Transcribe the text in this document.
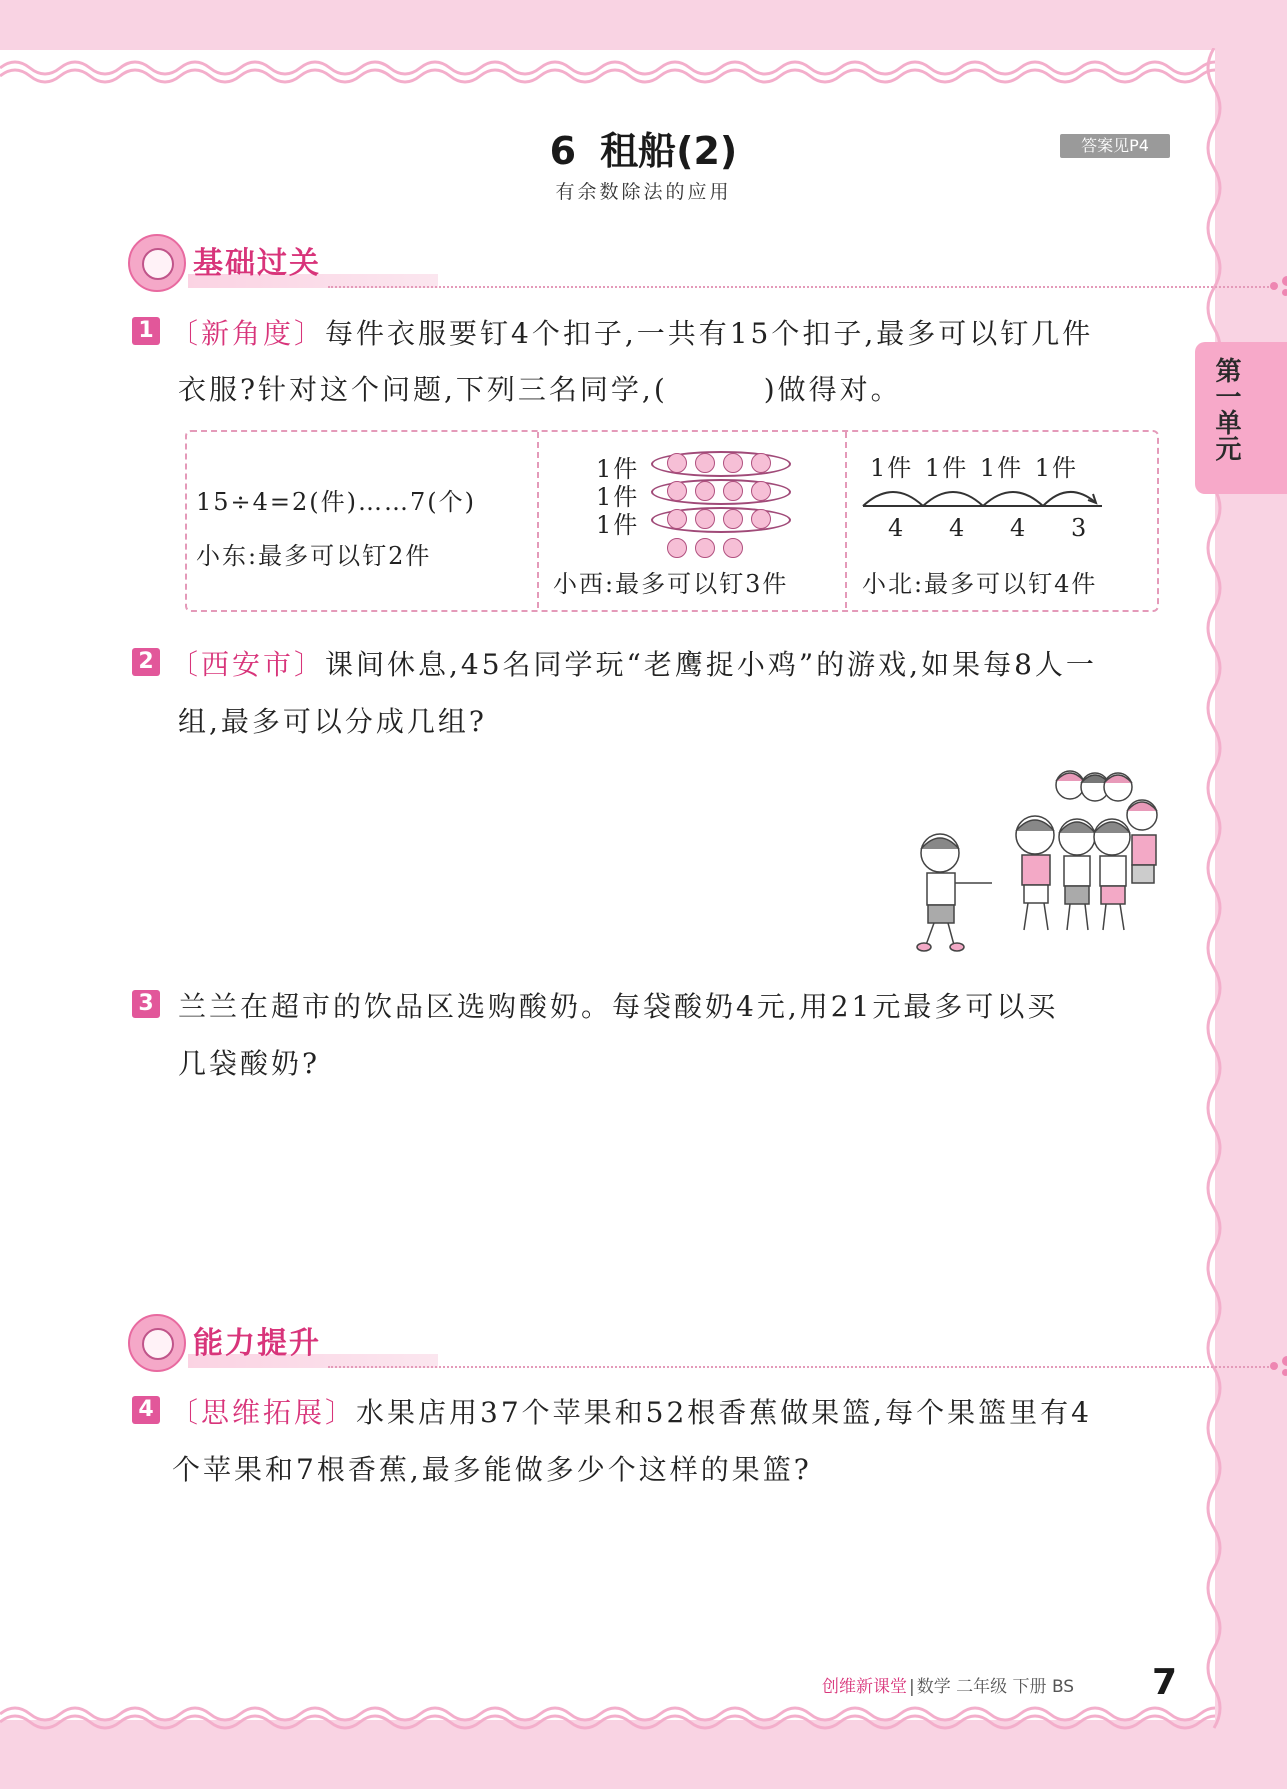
6 租船(2)
有余数除法的应用
答案见P4
第一单元
基础过关
1 〔新角度〕每件衣服要钉4个扣子,一共有15个扣子,最多可以钉几件
衣服?针对这个问题,下列三名同学,(	)做得对。
15÷4=2(件)……7(个)
小东:最多可以钉2件
1件
1件
1件
小西:最多可以钉3件
1件 1件 1件 1件
4 4 4 3
小北:最多可以钉4件
2 〔西安市〕课间休息,45名同学玩“老鹰捉小鸡”的游戏,如果每8人一
组,最多可以分成几组?
3 兰兰在超市的饮品区选购酸奶。每袋酸奶4元,用21元最多可以买
几袋酸奶?
能力提升
4 〔思维拓展〕水果店用37个苹果和52根香蕉做果篮,每个果篮里有4
个苹果和7根香蕉,最多能做多少个这样的果篮?
创维新课堂 | 数学 二年级 下册 BS 7
